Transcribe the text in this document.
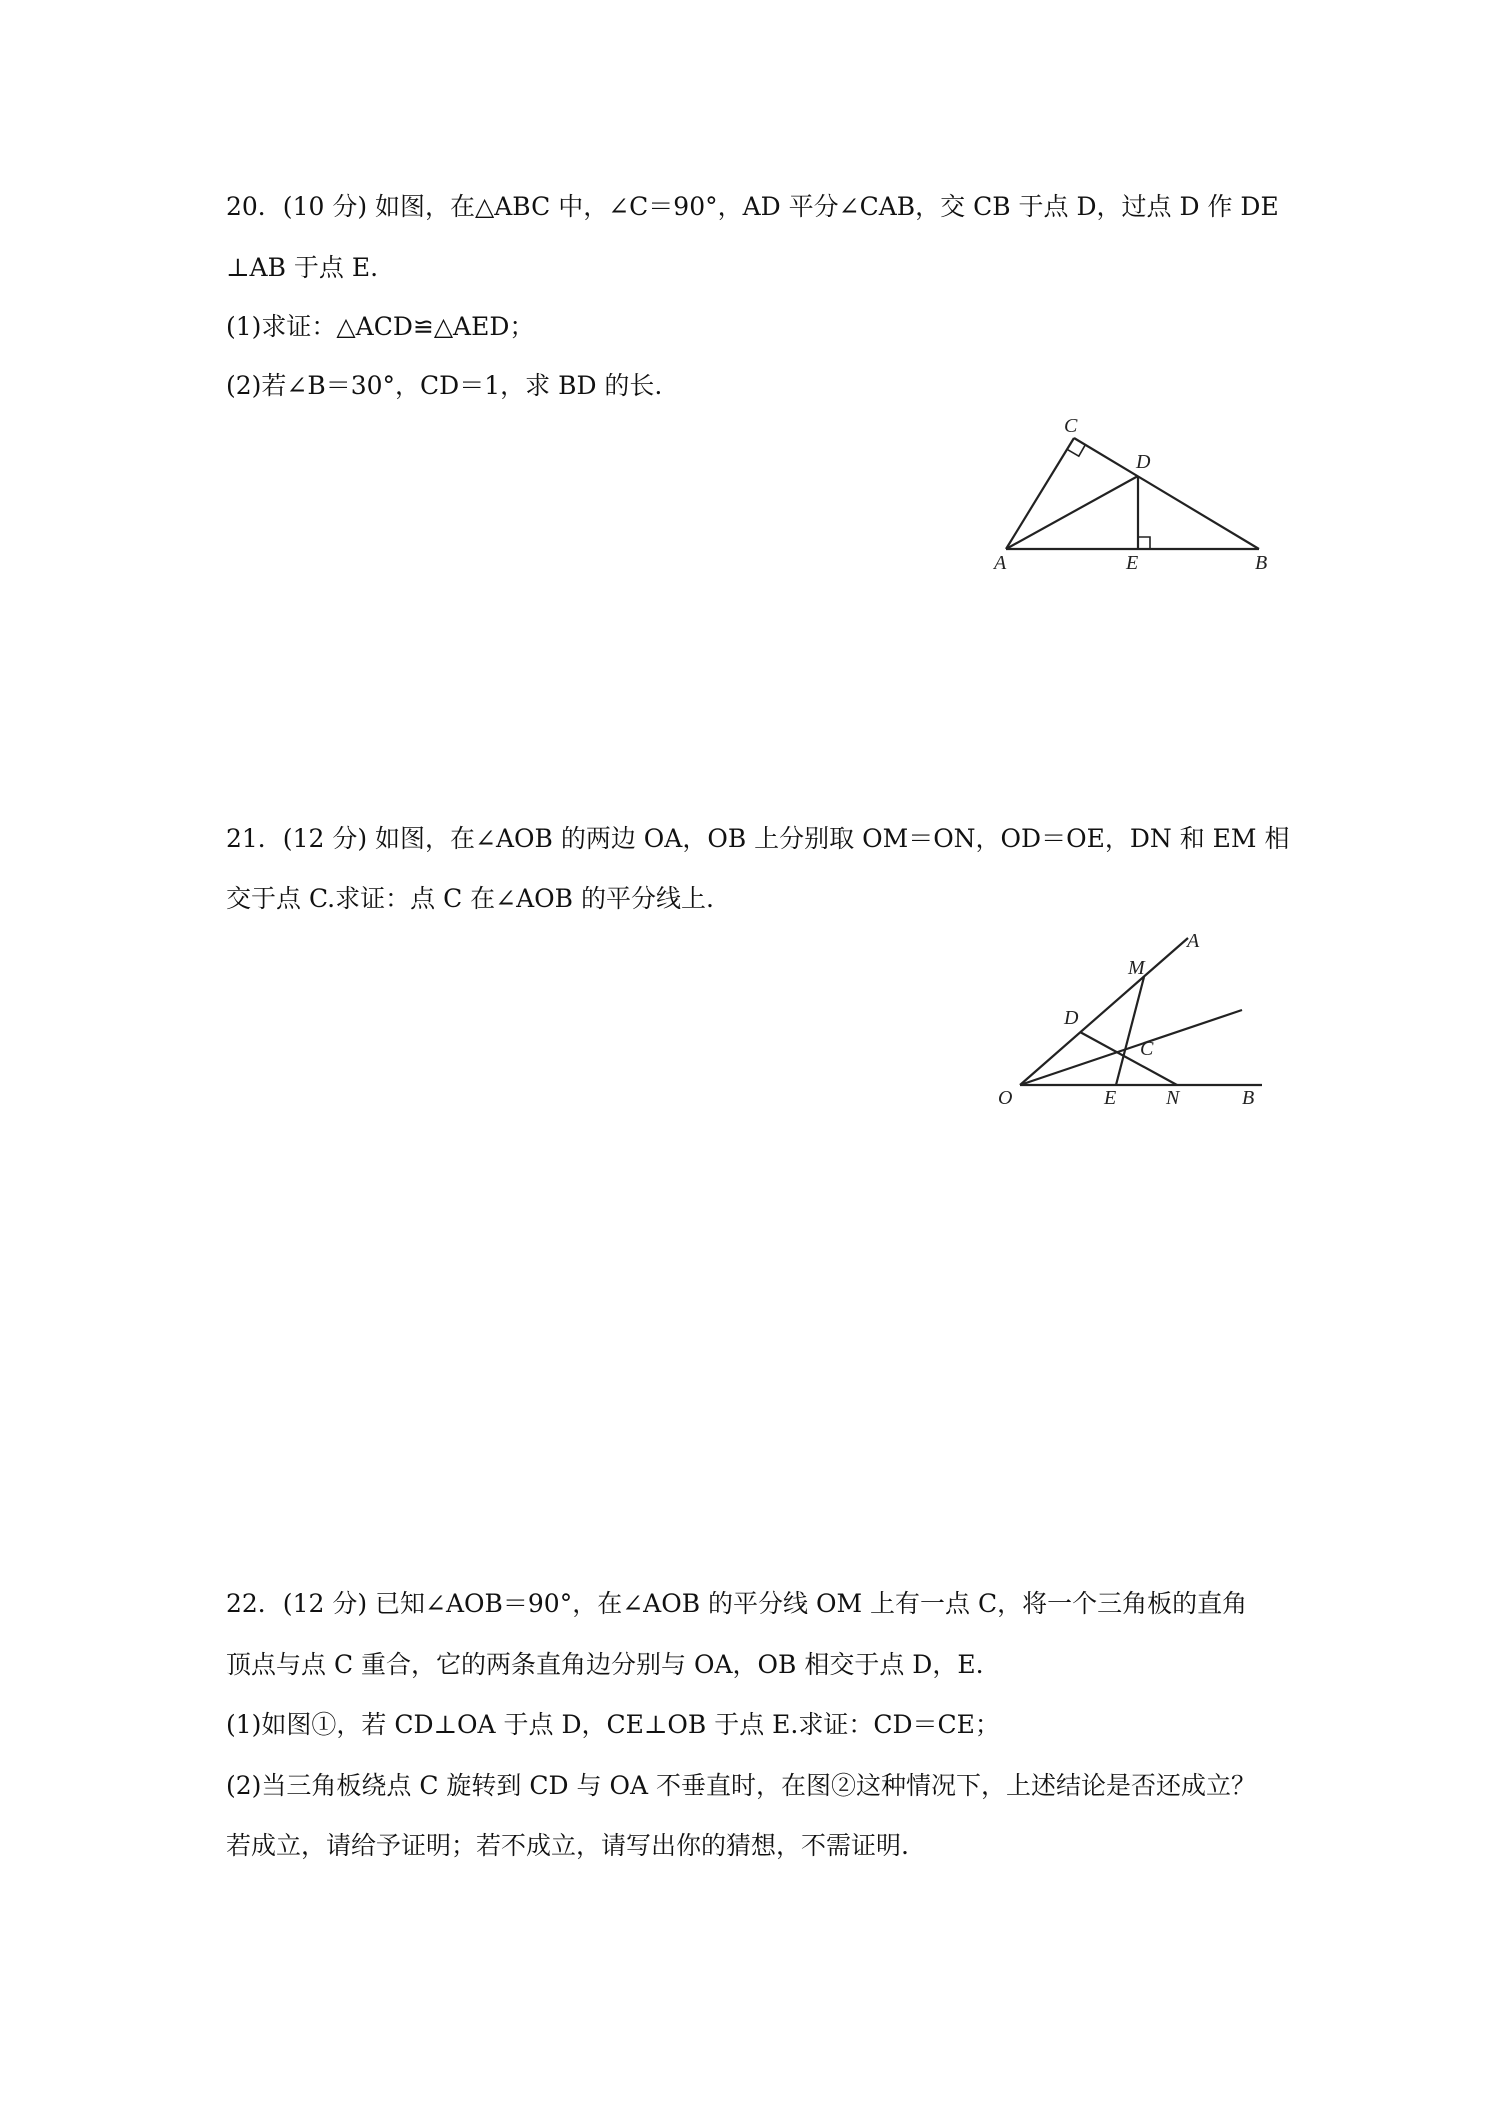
20．(10 分) 如图，在△ABC 中，∠C＝90°，AD 平分∠CAB，交 CB 于点 D，过点 D 作 DE
⊥AB 于点 E.
(1)求证：△ACD≌△AED；
(2)若∠B＝30°，CD＝1，求 BD 的长.
C
D
A	E	B
21．(12 分) 如图，在∠AOB 的两边 OA，OB 上分别取 OM＝ON，OD＝OE，DN 和 EM 相
交于点 C.求证：点 C 在∠AOB 的平分线上.
A
M
D
C
O	E N	B
22．(12 分) 已知∠AOB＝90°，在∠AOB 的平分线 OM 上有一点 C，将一个三角板的直角
顶点与点 C 重合，它的两条直角边分别与 OA，OB 相交于点 D，E.
(1)如图①，若 CD⊥OA 于点 D，CE⊥OB 于点 E.求证：CD＝CE；
(2)当三角板绕点 C 旋转到 CD 与 OA 不垂直时，在图②这种情况下，上述结论是否还成立？
若成立，请给予证明；若不成立，请写出你的猜想，不需证明.
